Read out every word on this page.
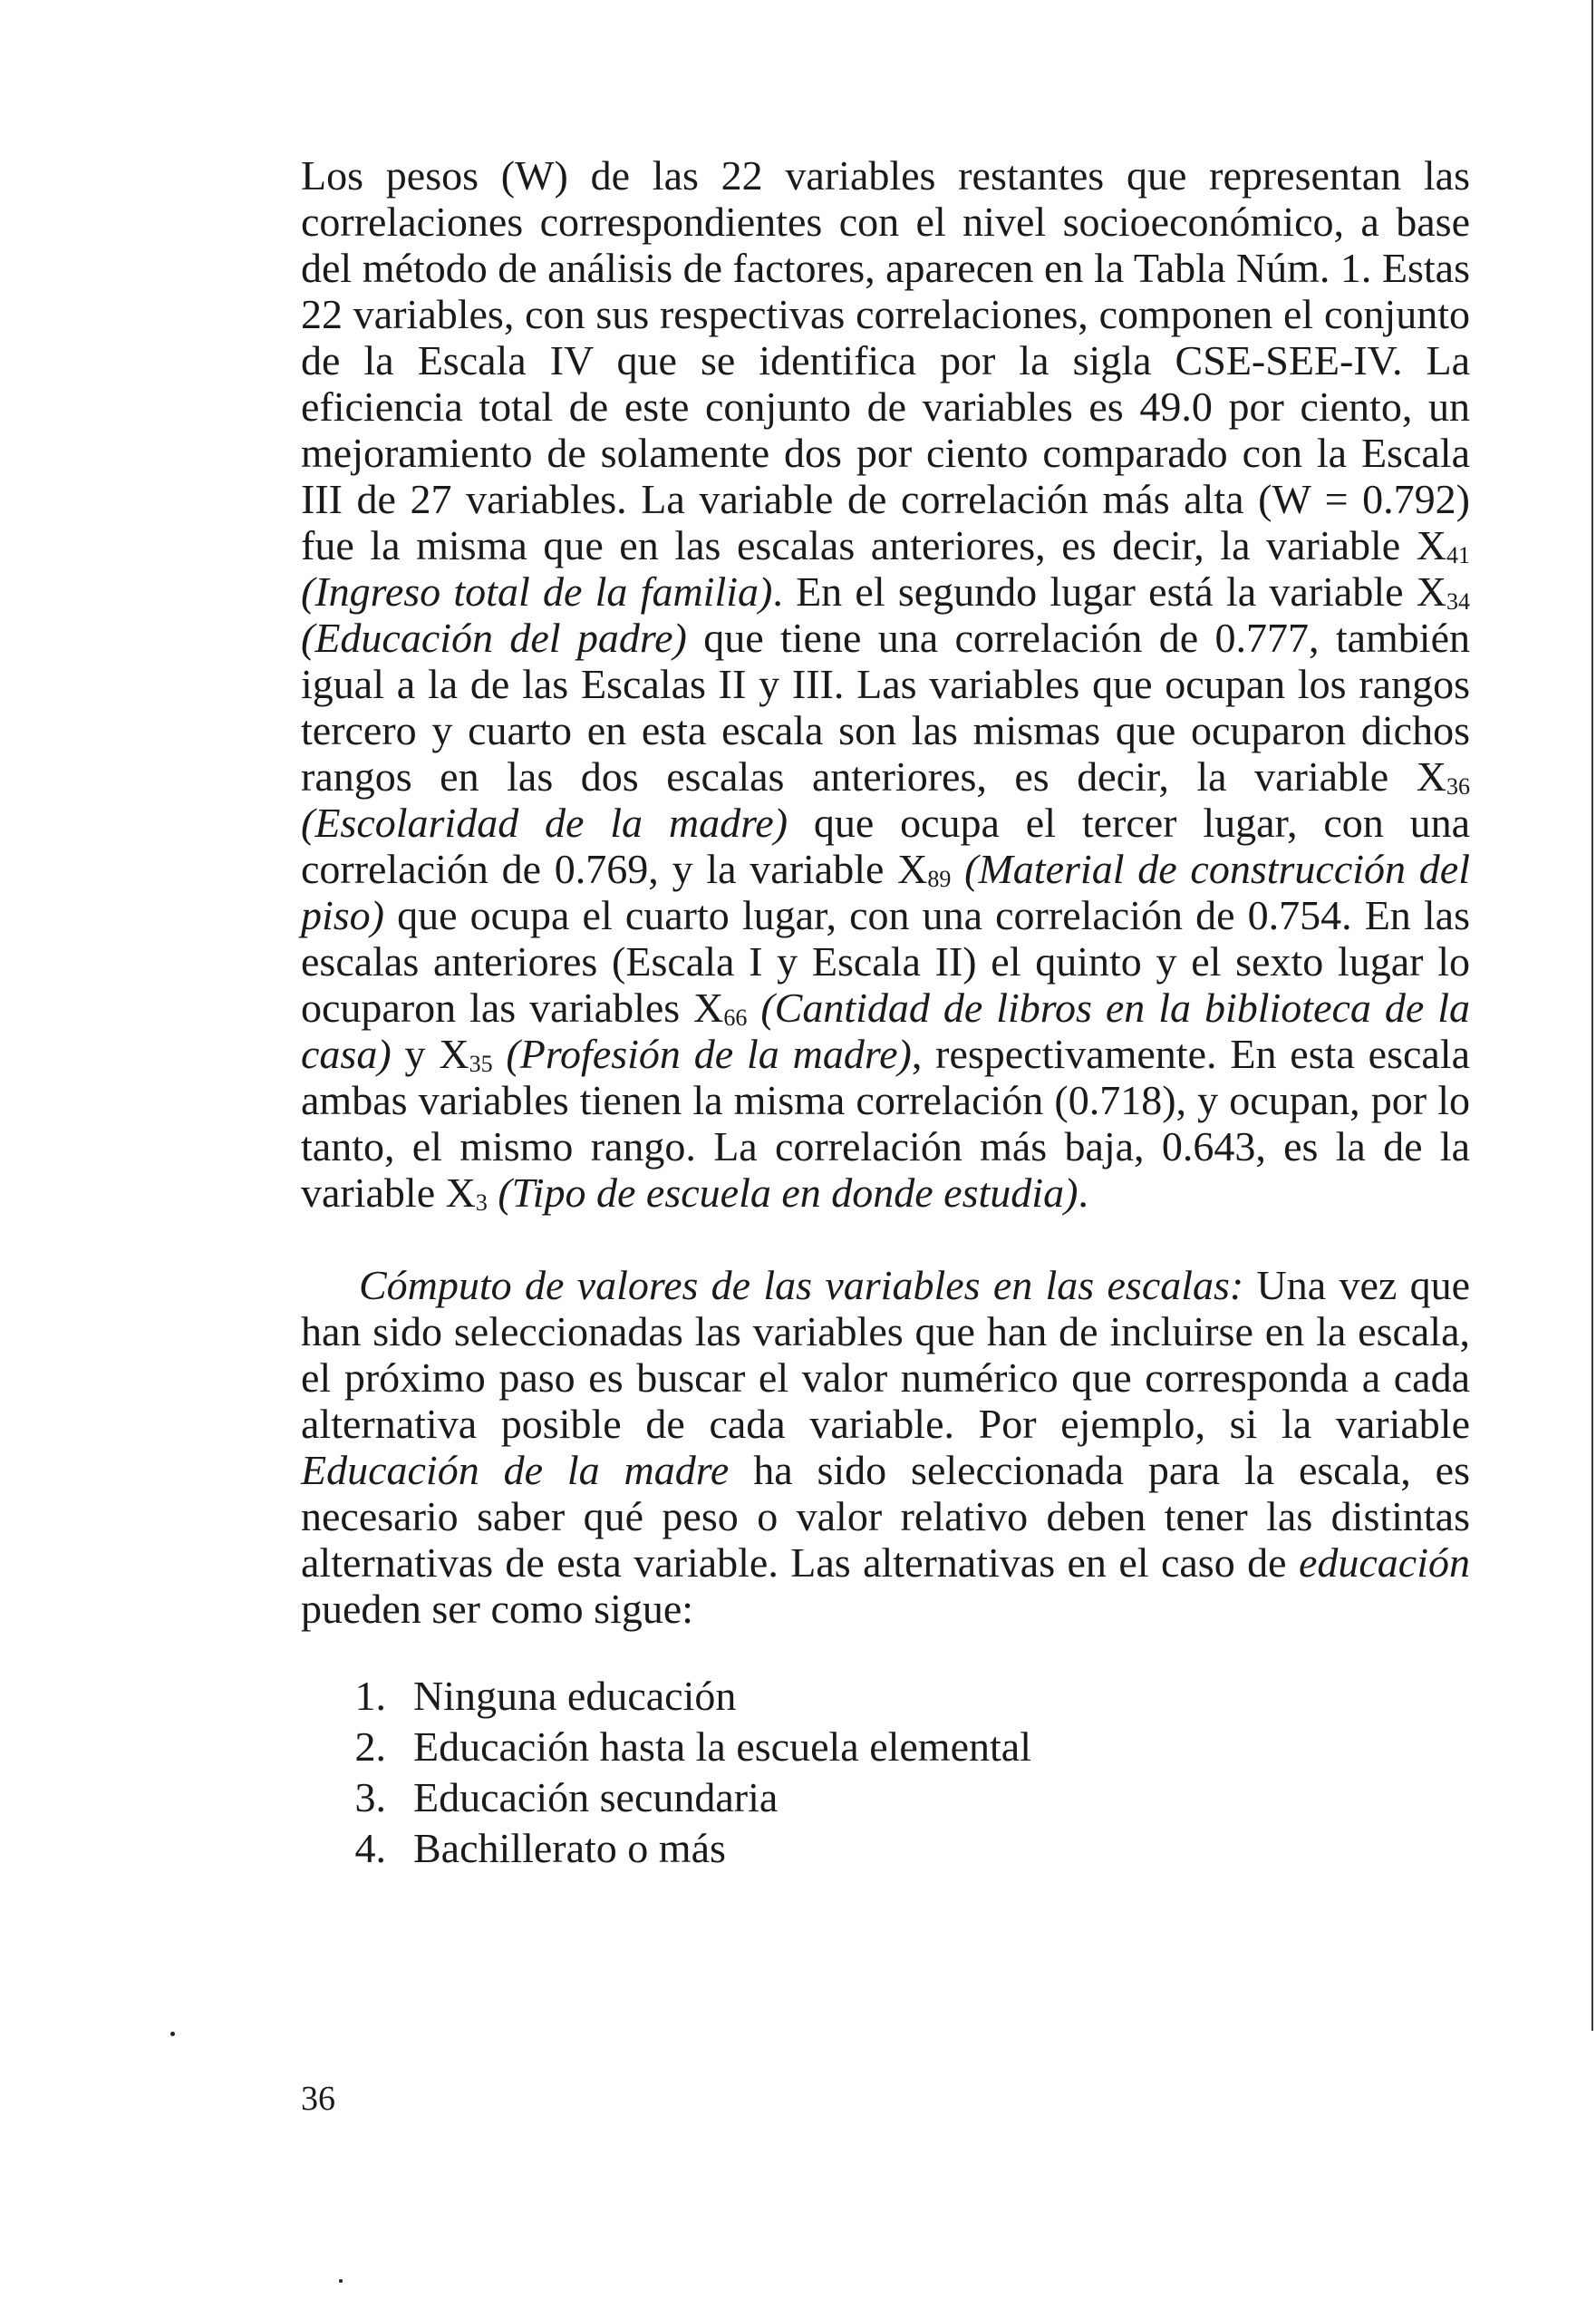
Los pesos (W) de las 22 variables restantes que representan las correlaciones correspondientes con el nivel socioeconómico, a base del método de análisis de factores, aparecen en la Tabla Núm. 1. Estas 22 variables, con sus respectivas correlaciones, componen el conjunto de la Escala IV que se identifica por la sigla CSE-SEE-IV. La eficiencia total de este conjunto de variables es 49.0 por ciento, un mejoramiento de solamente dos por ciento comparado con la Escala III de 27 variables. La variable de correlación más alta (W = 0.792) fue la misma que en las escalas anteriores, es decir, la variable $X_{41}$ (Ingreso total de la familia). En el segundo lugar está la variable $X_{34}$ (Educación del padre) que tiene una correlación de 0.777, también igual a la de las Escalas II y III. Las variables que ocupan los rangos tercero y cuarto en esta escala son las mismas que ocuparon dichos rangos en las dos escalas anteriores, es decir, la variable $X_{36}$ (Escolaridad de la madre) que ocupa el tercer lugar, con una correlación de 0.769, y la variable $X_{89}$ (Material de construcción del piso) que ocupa el cuarto lugar, con una correlación de 0.754. En las escalas anteriores (Escala I y Escala II) el quinto y el sexto lugar lo ocuparon las variables $X_{66}$ (Cantidad de libros en la biblioteca de la casa) y $X_{35}$ (Profesión de la madre), respectivamente. En esta escala ambas variables tienen la misma correlación (0.718), y ocupan, por lo tanto, el mismo rango. La correlación más baja, 0.643, es la de la variable $X_3$ (Tipo de escuela en donde estudia).

Cómputo de valores de las variables en las escalas: Una vez que han sido seleccionadas las variables que han de incluirse en la escala, el próximo paso es buscar el valor numérico que corresponda a cada alternativa posible de cada variable. Por ejemplo, si la variable Educación de la madre ha sido seleccionada para la escala, es necesario saber qué peso o valor relativo deben tener las distintas alternativas de esta variable. Las alternativas en el caso de educación pueden ser como sigue:

1. Ninguna educación
2. Educación hasta la escuela elemental
3. Educación secundaria
4. Bachillerato o más
36
